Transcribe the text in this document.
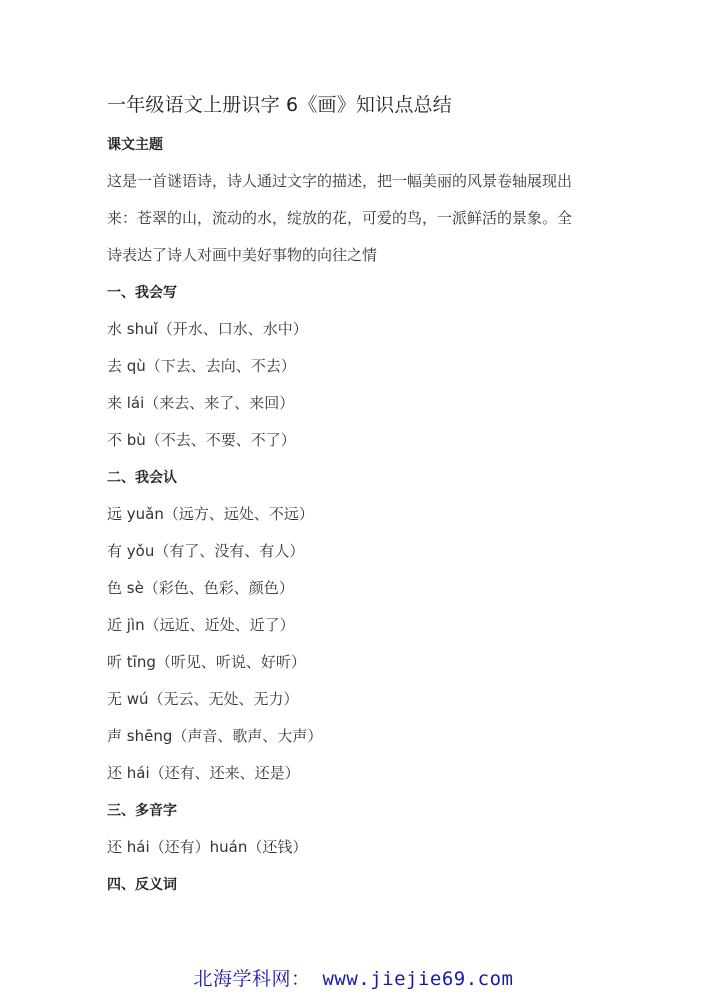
一年级语文上册识字 6《画》知识点总结
课文主题
这是一首谜语诗，诗人通过文字的描述，把一幅美丽的风景卷轴展现出
来：苍翠的山，流动的水，绽放的花，可爱的鸟，一派鲜活的景象。全
诗表达了诗人对画中美好事物的向往之情
一、我会写
水 shuǐ（开水、口水、水中）
去 qù（下去、去向、不去）
来 lái（来去、来了、来回）
不 bù（不去、不要、不了）
二、我会认
远 yuǎn（远方、远处、不远）
有 yǒu（有了、没有、有人）
色 sè（彩色、色彩、颜色）
近 jìn（远近、近处、近了）
听 tīng（听见、听说、好听）
无 wú（无云、无处、无力）
声 shēng（声音、歌声、大声）
还 hái（还有、还来、还是）
三、多音字
还 hái（还有）huán（还钱）
四、反义词
北海学科网： www.jiejie69.com
